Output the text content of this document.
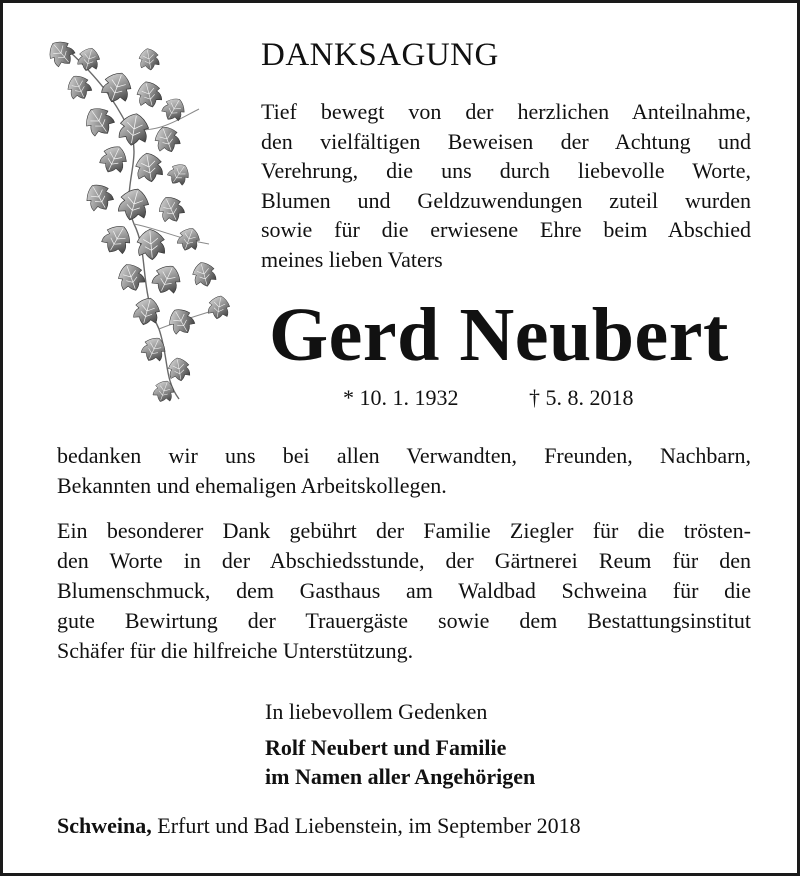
DANKSAGUNG
Tief bewegt von der herzlichen Anteilnahme,
den vielfältigen Beweisen der Achtung und
Verehrung, die uns durch liebevolle Worte,
Blumen und Geldzuwendungen zuteil wurden
sowie für die erwiesene Ehre beim Abschied
meines lieben Vaters
Gerd Neubert
* 10. 1. 1932	† 5. 8. 2018
bedanken wir uns bei allen Verwandten, Freunden, Nachbarn,
Bekannten und ehemaligen Arbeitskollegen.
Ein besonderer Dank gebührt der Familie Ziegler für die trösten-
den Worte in der Abschiedsstunde, der Gärtnerei Reum für den
Blumenschmuck, dem Gasthaus am Waldbad Schweina für die
gute Bewirtung der Trauergäste sowie dem Bestattungsinstitut
Schäfer für die hilfreiche Unterstützung.
In liebevollem Gedenken
Rolf Neubert und Familie
im Namen aller Angehörigen
Schweina, Erfurt und Bad Liebenstein, im September 2018
